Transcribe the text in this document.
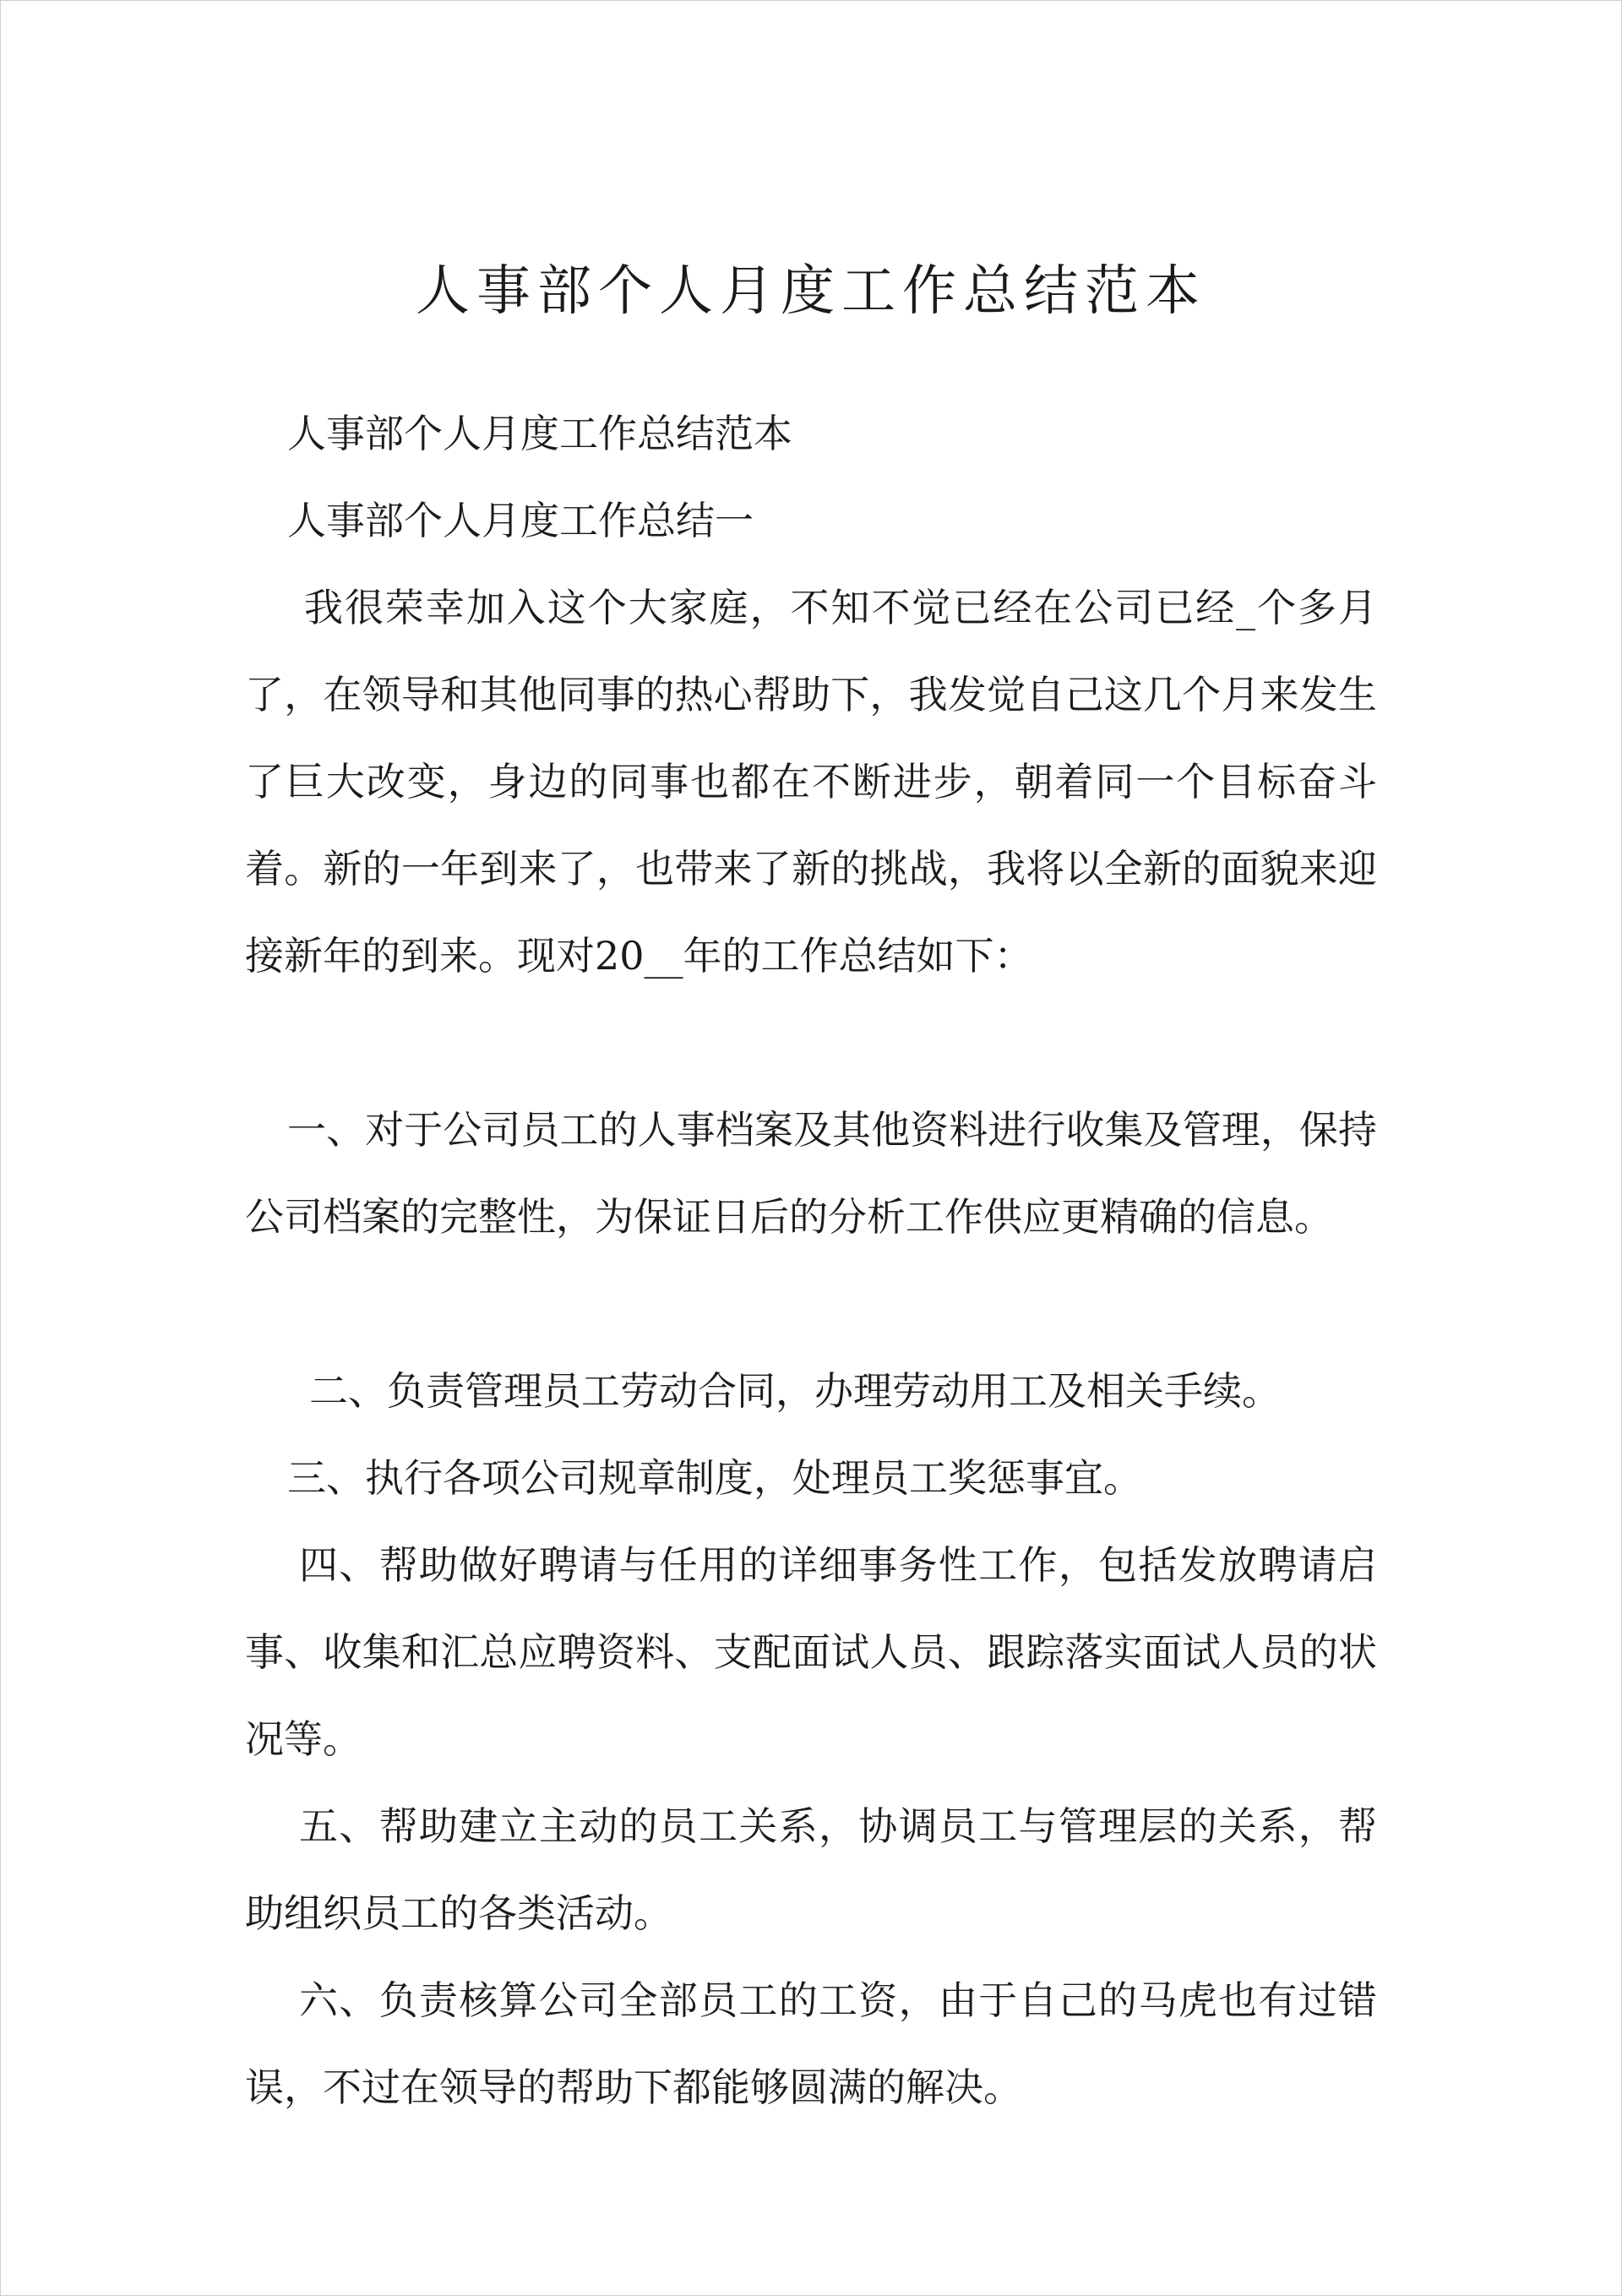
人事部个人月度工作总结范本
人事部个人月度工作总结范本
人事部个人月度工作总结一
我很荣幸加入这个大家庭，不知不觉已经在公司已经_个多月了，在领导和其他同事的热心帮助下，我发觉自己这几个月来发生了巨大改变，身边的同事也都在不断进步，朝着同一个目标奋斗着。新的一年到来了，也带来了新的挑战，我将以全新的面貌来迎接新年的到来。现对20__年的工作总结如下：
一、对于公司员工的人事档案及其他资料进行收集及管理，保持公司档案的完整性，为保证日后的分析工作供应更精确的信息。
二、负责管理员工劳动合同，办理劳动用工及相关手续。
三、执行各项公司规章制度，处理员工奖惩事宜。
四、帮助做好聘请与任用的详细事务性工作，包括发放聘请启事、收集和汇总应聘资料、支配面试人员、跟踪落实面试人员的状况等。
五、帮助建立主动的员工关系，协调员工与管理层的关系，帮助组织员工的各类活动。
六、负责核算公司全部员工的工资，由于自己的马虎也有过错误，不过在领导的帮助下都能够圆满的解决。
